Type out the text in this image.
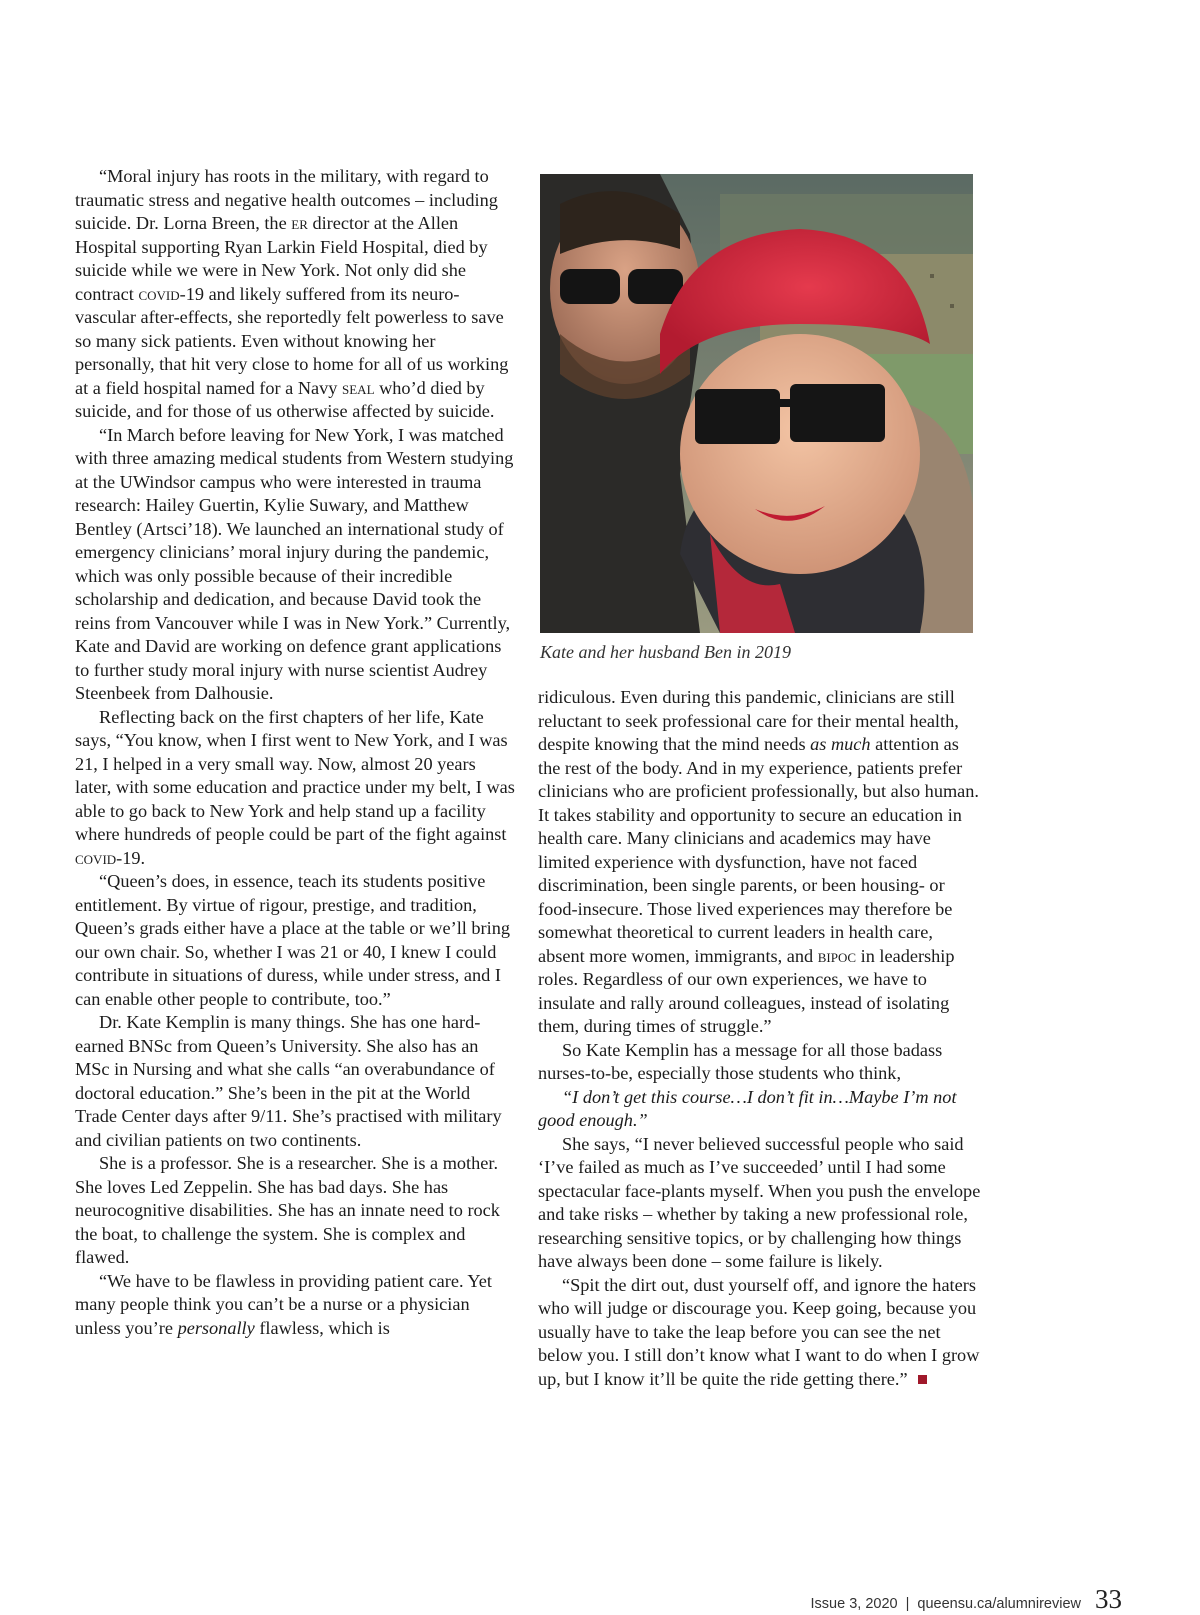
“Moral injury has roots in the military, with regard to traumatic stress and negative health outcomes – including suicide. Dr. Lorna Breen, the er director at the Allen Hospital supporting Ryan Larkin Field Hospital, died by suicide while we were in New York. Not only did she contract covid-19 and likely suffered from its neuro-vascular after-effects, she reportedly felt powerless to save so many sick patients. Even without knowing her personally, that hit very close to home for all of us working at a field hospital named for a Navy seal who’d died by suicide, and for those of us otherwise affected by suicide.

“In March before leaving for New York, I was matched with three amazing medical students from Western studying at the UWindsor campus who were interested in trauma research: Hailey Guertin, Kylie Suwary, and Matthew Bentley (Artsci’18). We launched an international study of emergency clinicians’ moral injury during the pandemic, which was only possible because of their incredible scholarship and dedication, and because David took the reins from Vancouver while I was in New York.” Currently, Kate and David are working on defence grant applications to further study moral injury with nurse scientist Audrey Steenbeek from Dalhousie.

Reflecting back on the first chapters of her life, Kate says, “You know, when I first went to New York, and I was 21, I helped in a very small way. Now, almost 20 years later, with some education and practice under my belt, I was able to go back to New York and help stand up a facility where hundreds of people could be part of the fight against covid-19.

“Queen’s does, in essence, teach its students positive entitlement. By virtue of rigour, prestige, and tradition, Queen’s grads either have a place at the table or we’ll bring our own chair. So, whether I was 21 or 40, I knew I could contribute in situations of duress, while under stress, and I can enable other people to contribute, too.”

Dr. Kate Kemplin is many things. She has one hard-earned BNSc from Queen’s University. She also has an MSc in Nursing and what she calls “an overabundance of doctoral education.” She’s been in the pit at the World Trade Center days after 9/11. She’s practised with military and civilian patients on two continents.

She is a professor. She is a researcher. She is a mother. She loves Led Zeppelin. She has bad days. She has neurocognitive disabilities. She has an innate need to rock the boat, to challenge the system. She is complex and flawed.

“We have to be flawless in providing patient care. Yet many people think you can’t be a nurse or a physician unless you’re personally flawless, which is

Kate and her husband Ben in 2019

ridiculous. Even during this pandemic, clinicians are still reluctant to seek professional care for their mental health, despite knowing that the mind needs as much attention as the rest of the body. And in my experience, patients prefer clinicians who are proficient professionally, but also human. It takes stability and opportunity to secure an education in health care. Many clinicians and academics may have limited experience with dysfunction, have not faced discrimination, been single parents, or been housing- or food-insecure. Those lived experiences may therefore be somewhat theoretical to current leaders in health care, absent more women, immigrants, and bipoc in leadership roles. Regardless of our own experiences, we have to insulate and rally around colleagues, instead of isolating them, during times of struggle.”

So Kate Kemplin has a message for all those badass nurses-to-be, especially those students who think,

“I don’t get this course…I don’t fit in…Maybe I’m not good enough.”

She says, “I never believed successful people who said ‘I’ve failed as much as I’ve succeeded’ until I had some spectacular face-plants myself. When you push the envelope and take risks – whether by taking a new professional role, researching sensitive topics, or by challenging how things have always been done – some failure is likely.

“Spit the dirt out, dust yourself off, and ignore the haters who will judge or discourage you. Keep going, because you usually have to take the leap before you can see the net below you. I still don’t know what I want to do when I grow up, but I know it’ll be quite the ride getting there.”

Issue 3, 2020 | queensu.ca/alumnireview 33
